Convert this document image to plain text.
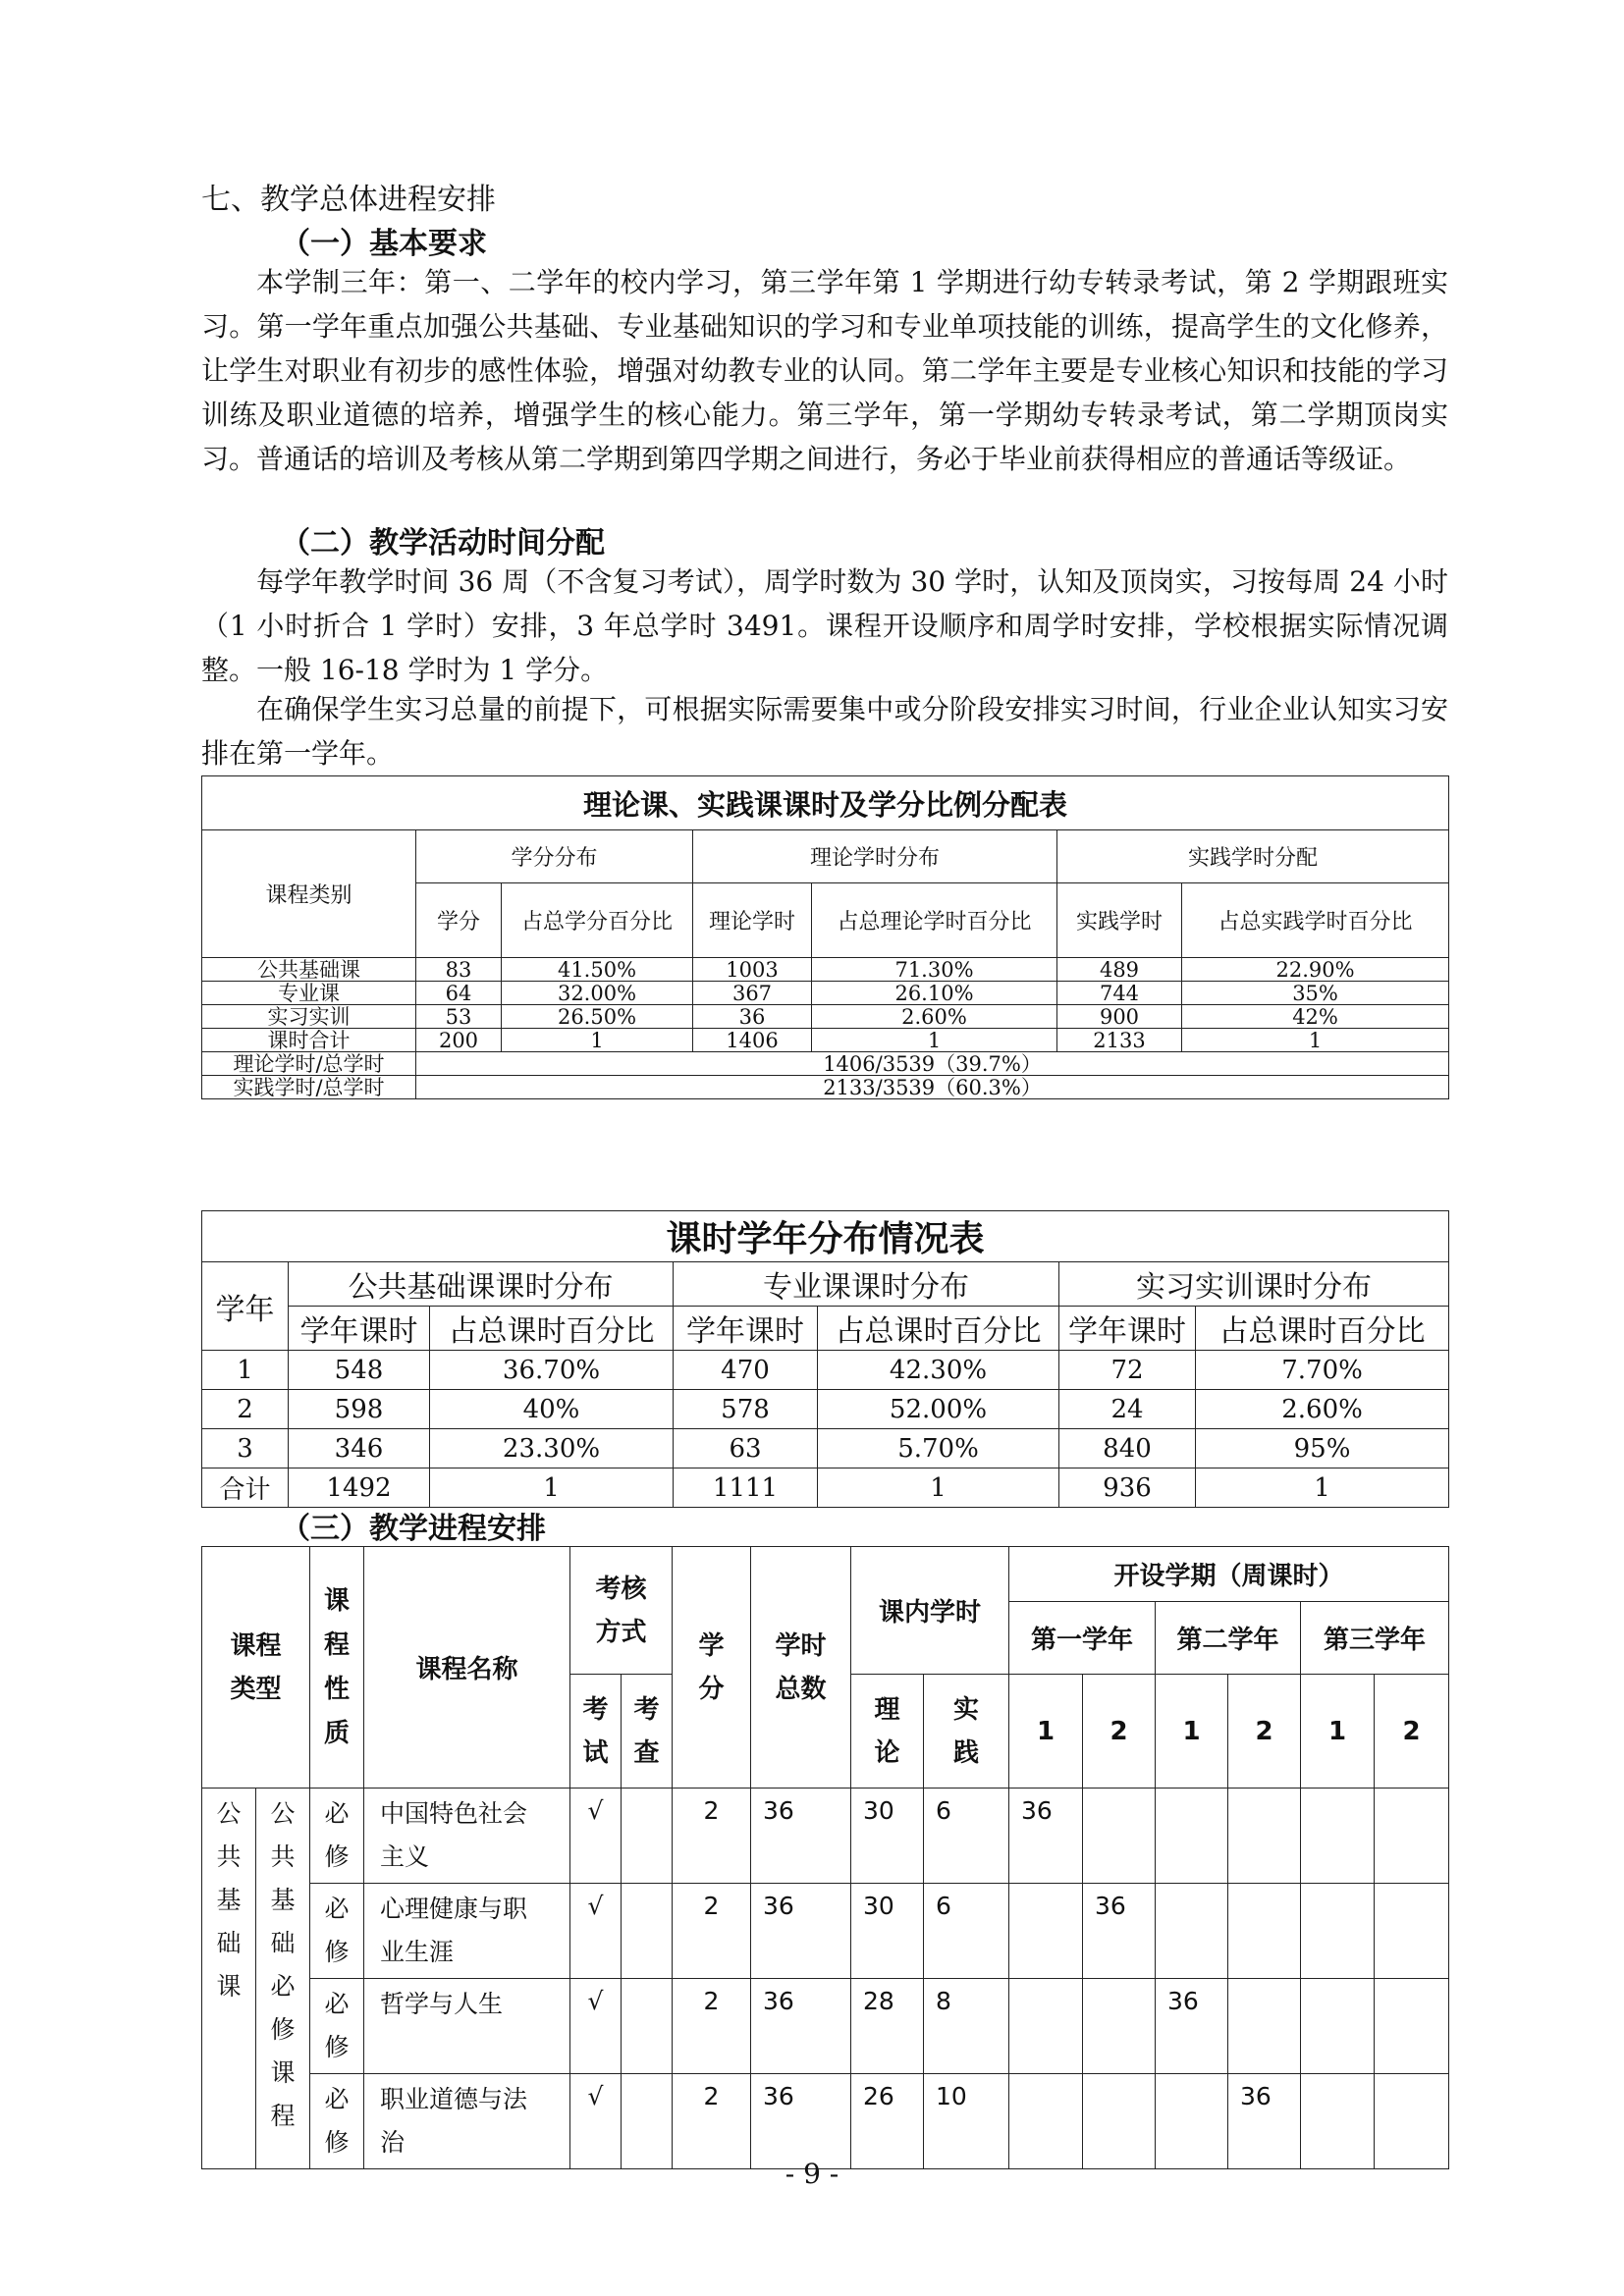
七、教学总体进程安排
（一）基本要求
本学制三年：第一、二学年的校内学习，第三学年第 1 学期进行幼专转录考试，第 2 学期跟班实习。第一学年重点加强公共基础、专业基础知识的学习和专业单项技能的训练，提高学生的文化修养，让学生对职业有初步的感性体验，增强对幼教专业的认同。第二学年主要是专业核心知识和技能的学习训练及职业道德的培养，增强学生的核心能力。第三学年，第一学期幼专转录考试，第二学期顶岗实习。普通话的培训及考核从第二学期到第四学期之间进行，务必于毕业前获得相应的普通话等级证。
（二）教学活动时间分配
每学年教学时间 36 周（不含复习考试），周学时数为 30 学时，认知及顶岗实，习按每周 24 小时（1 小时折合 1 学时）安排，3 年总学时 3491。课程开设顺序和周学时安排，学校根据实际情况调整。一般 16-18 学时为 1 学分。
在确保学生实习总量的前提下，可根据实际需要集中或分阶段安排实习时间，行业企业认知实习安排在第一学年。
理论课、实践课课时及学分比例分配表						
课程类别	学分分布		理论学时分布		实践学时分配	
	学分	占总学分百分比	理论学时	占总理论学时百分比	实践学时	占总实践学时百分比
公共基础课	83	41.50%	1003	71.30%	489	22.90%
专业课	64	32.00%	367	26.10%	744	35%
实习实训	53	26.50%	36	2.60%	900	42%
课时合计	200	1	1406	1	2133	1
理论学时/总学时	1406/3539（39.7%）					
实践学时/总学时	2133/3539（60.3%）					
课时学年分布情况表						
学年	公共基础课课时分布		专业课课时分布		实习实训课时分布	
	学年课时	占总课时百分比	学年课时	占总课时百分比	学年课时	占总课时百分比
1	548	36.70%	470	42.30%	72	7.70%
2	598	40%	578	52.00%	24	2.60%
3	346	23.30%	63	5.70%	840	95%
合计	1492	1	1111	1	936	1
（三）教学进程安排
课程类型		课程性质	课程名称	考核方式		学分	学时总数	课内学时		开设学期（周课时）					
										第一学年		第二学年		第三学年	
				考试	考查			理论	实践	1	2	1	2	1	2
公共基础课	公共基础必修课程	必修	中国特色社会主义	√		2	36	30	6	36					
		必修	心理健康与职业生涯	√		2	36	30	6		36				
		必修	哲学与人生	√		2	36	28	8			36			
		必修	职业道德与法治	√		2	36	26	10				36		
- 9 -
